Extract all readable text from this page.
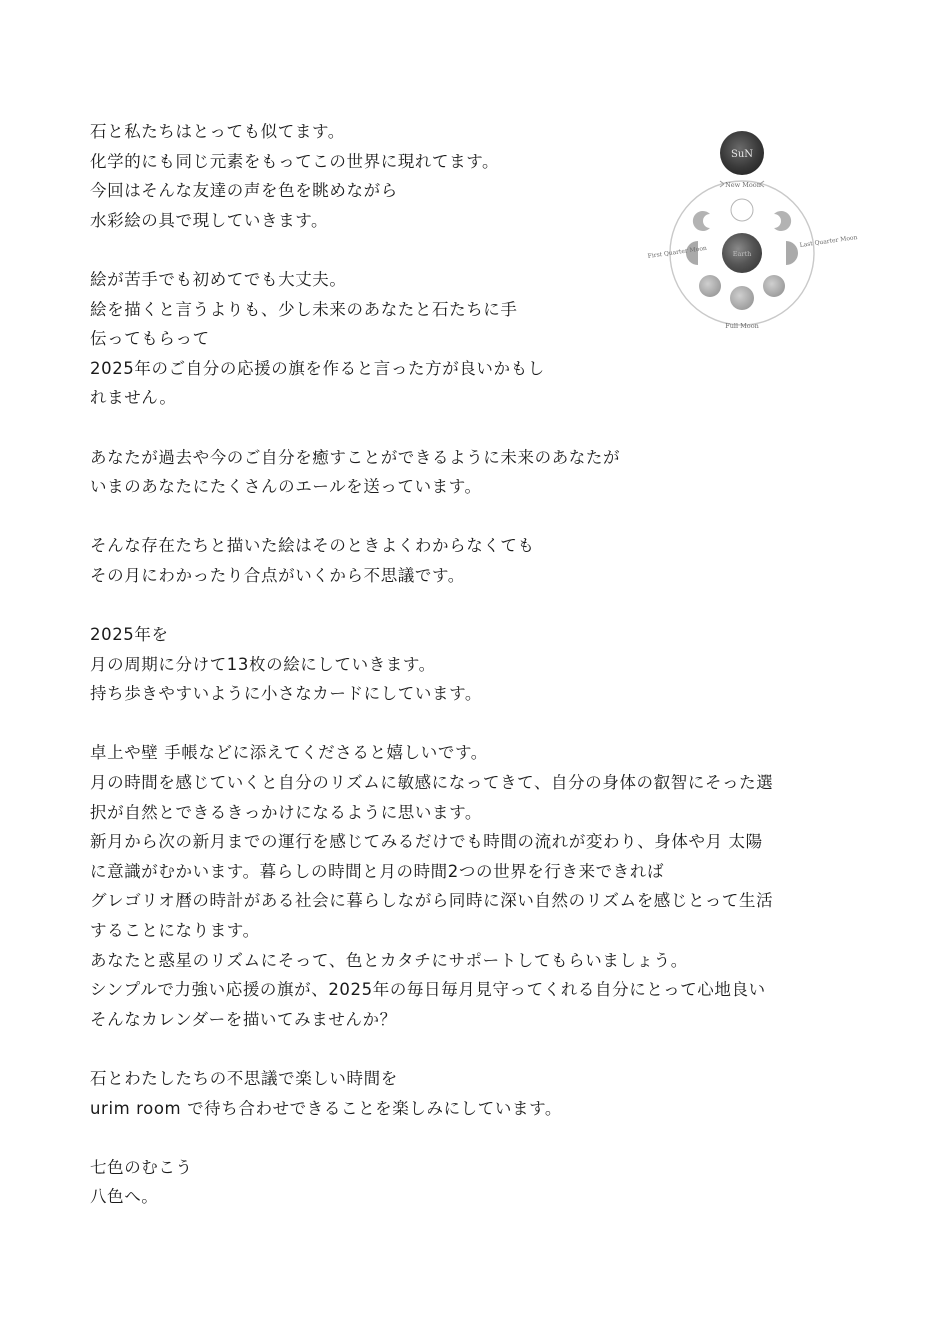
石と私たちはとっても似てます。
化学的にも同じ元素をもってこの世界に現れてます。
今回はそんな友達の声を色を眺めながら
水彩絵の具で現していきます。
絵が苦手でも初めてでも大丈夫。
絵を描くと言うよりも、少し未来のあなたと石たちに手
伝ってもらって
2025年のご自分の応援の旗を作ると言った方が良いかもし
れません。
あなたが過去や今のご自分を癒すことができるように未来のあなたが
いまのあなたにたくさんのエールを送っています。
そんな存在たちと描いた絵はそのときよくわからなくても
その月にわかったり合点がいくから不思議です。
2025年を
月の周期に分けて13枚の絵にしていきます。
持ち歩きやすいように小さなカードにしています。
卓上や壁 手帳などに添えてくださると嬉しいです。
月の時間を感じていくと自分のリズムに敏感になってきて、自分の身体の叡智にそった選
択が自然とできるきっかけになるように思います。
新月から次の新月までの運行を感じてみるだけでも時間の流れが変わり、身体や月 太陽
に意識がむかいます。暮らしの時間と月の時間2つの世界を行き来できれば
グレゴリオ暦の時計がある社会に暮らしながら同時に深い自然のリズムを感じとって生活
することになります。
あなたと惑星のリズムにそって、色とカタチにサポートしてもらいましょう。
シンプルで力強い応援の旗が、2025年の毎日毎月見守ってくれる自分にとって心地良い
そんなカレンダーを描いてみませんか？
石とわたしたちの不思議で楽しい時間を
urim room で待ち合わせできることを楽しみにしています。
七色のむこう
八色へ。
SuN
New Moon
Earth
Full Moon
First Quarter Moon
Last Quarter Moon
